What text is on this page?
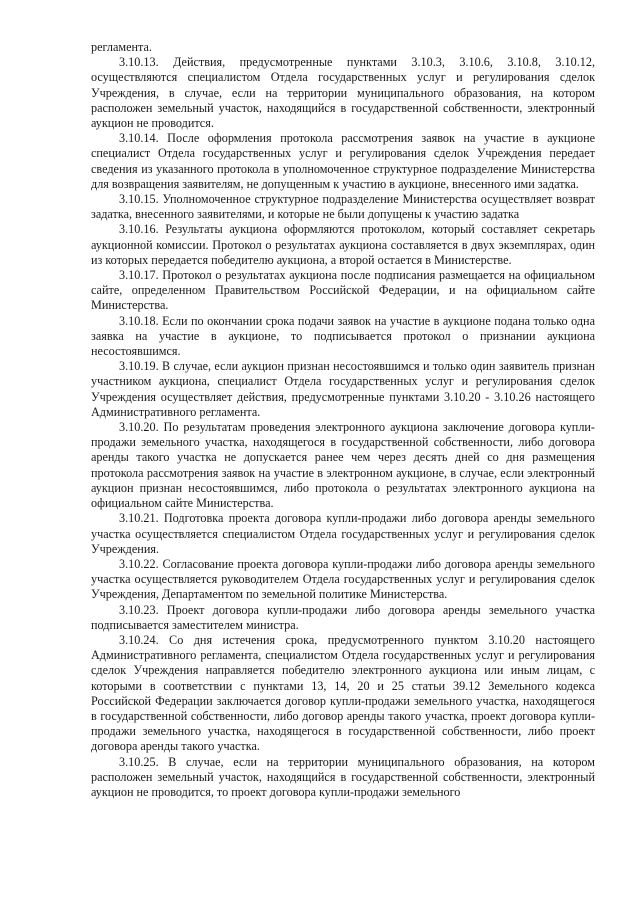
регламента.

3.10.13. Действия, предусмотренные пунктами 3.10.3, 3.10.6, 3.10.8, 3.10.12, осуществляются специалистом Отдела государственных услуг и регулирования сделок Учреждения, в случае, если на территории муниципального образования, на котором расположен земельный участок, находящийся в государственной собственности, электронный аукцион не проводится.

3.10.14. После оформления протокола рассмотрения заявок на участие в аукционе специалист Отдела государственных услуг и регулирования сделок Учреждения передает сведения из указанного протокола в уполномоченное структурное подразделение Министерства для возвращения заявителям, не допущенным к участию в аукционе, внесенного ими задатка.

3.10.15. Уполномоченное структурное подразделение Министерства осуществляет возврат задатка, внесенного заявителями, и которые не были допущены к участию задатка

3.10.16. Результаты аукциона оформляются протоколом, который составляет секретарь аукционной комиссии. Протокол о результатах аукциона составляется в двух экземплярах, один из которых передается победителю аукциона, а второй остается в Министерстве.

3.10.17. Протокол о результатах аукциона после подписания размещается на официальном сайте, определенном Правительством Российской Федерации, и на официальном сайте Министерства.

3.10.18. Если по окончании срока подачи заявок на участие в аукционе подана только одна заявка на участие в аукционе, то подписывается протокол о признании аукциона несостоявшимся.

3.10.19. В случае, если аукцион признан несостоявшимся и только один заявитель признан участником аукциона, специалист Отдела государственных услуг и регулирования сделок Учреждения осуществляет действия, предусмотренные пунктами 3.10.20 - 3.10.26 настоящего Административного регламента.

3.10.20. По результатам проведения электронного аукциона заключение договора купли-продажи земельного участка, находящегося в государственной собственности, либо договора аренды такого участка не допускается ранее чем через десять дней со дня размещения протокола рассмотрения заявок на участие в электронном аукционе, в случае, если электронный аукцион признан несостоявшимся, либо протокола о результатах электронного аукциона на официальном сайте Министерства.

3.10.21. Подготовка проекта договора купли-продажи либо договора аренды земельного участка осуществляется специалистом Отдела государственных услуг и регулирования сделок Учреждения.

3.10.22. Согласование проекта договора купли-продажи либо договора аренды земельного участка осуществляется руководителем Отдела государственных услуг и регулирования сделок Учреждения, Департаментом по земельной политике Министерства.

3.10.23. Проект договора купли-продажи либо договора аренды земельного участка подписывается заместителем министра.

3.10.24. Со дня истечения срока, предусмотренного пунктом 3.10.20 настоящего Административного регламента, специалистом Отдела государственных услуг и регулирования сделок Учреждения направляется победителю электронного аукциона или иным лицам, с которыми в соответствии с пунктами 13, 14, 20 и 25 статьи 39.12 Земельного кодекса Российской Федерации заключается договор купли-продажи земельного участка, находящегося в государственной собственности, либо договор аренды такого участка, проект договора купли-продажи земельного участка, находящегося в государственной собственности, либо проект договора аренды такого участка.

3.10.25. В случае, если на территории муниципального образования, на котором расположен земельный участок, находящийся в государственной собственности, электронный аукцион не проводится, то проект договора купли-продажи земельного
